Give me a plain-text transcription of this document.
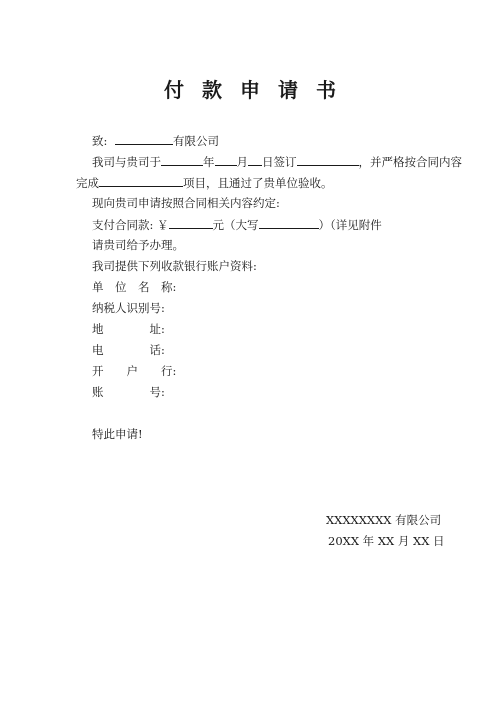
付 款 申 请 书
致:	有限公司
我司与贵司于	年 月 日签订	，并严格按合同内容
完成	项目，且通过了贵单位验收。
现向贵司申请按照合同相关内容约定:
支付合同款: ￥	元（大写	）（详见附件
请贵司给予办理。
我司提供下列收款银行账户资料:
单　位　名　称:
纳税人识别号:
地　　　　址:
电　　　　话:
开　　户　　行:
账　　　　号:
特此申请!
XXXXXXXX 有限公司
20XX 年 XX 月 XX 日
